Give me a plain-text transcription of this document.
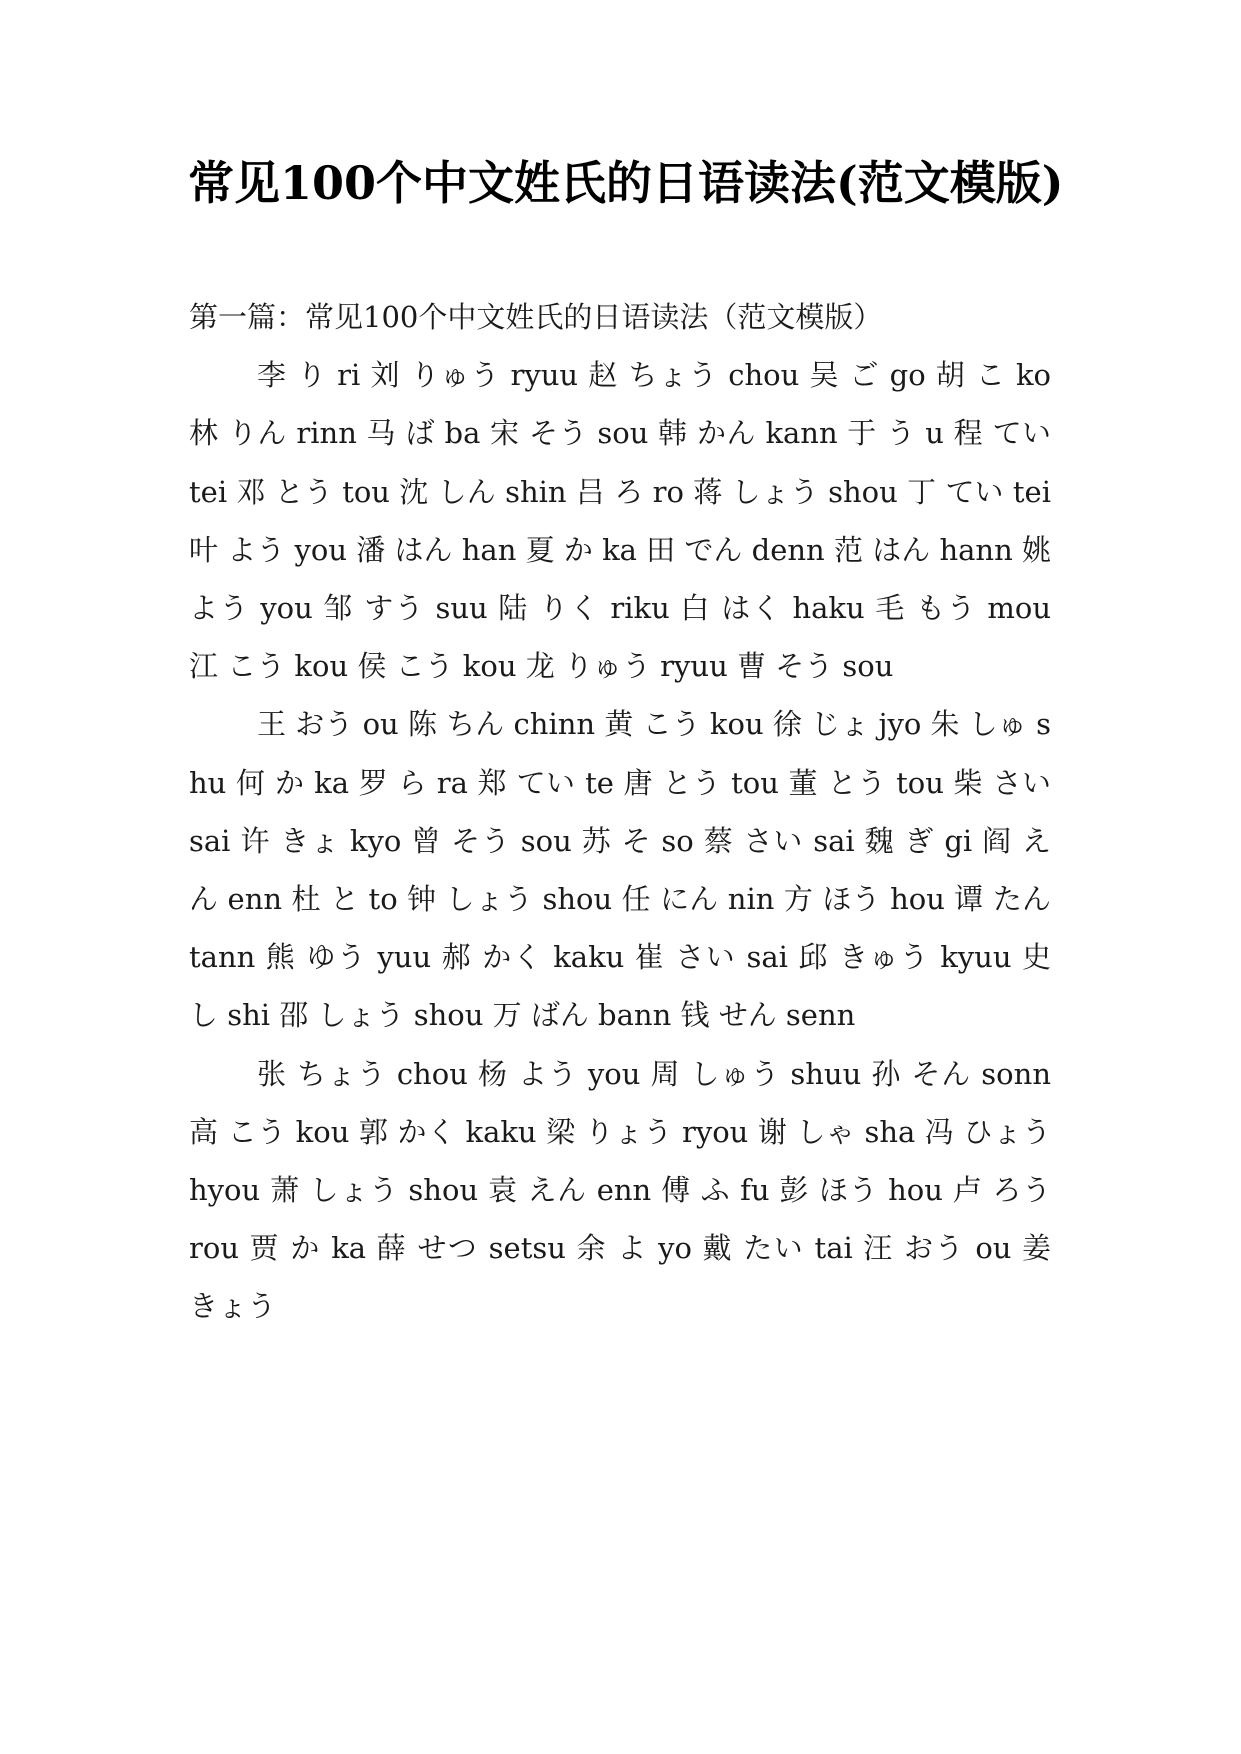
常见100个中文姓氏的日语读法(范文模版)

第一篇：常见100个中文姓氏的日语读法（范文模版）

李 り ri 刘 りゅう ryuu 赵 ちょう chou 吴 ご go 胡 こ ko 林 りん rinn 马 ば ba 宋 そう sou 韩 かん kann 于 う u 程 てい tei 邓 とう tou 沈 しん shin 吕 ろ ro 蒋 しょう shou 丁 てい tei 叶 よう you 潘 はん han 夏 か ka 田 でん denn 范 はん hann 姚 よう you 邹 すう suu 陆 りく riku 白 はく haku 毛 もう mou 江 こう kou 侯 こう kou 龙 りゅう ryuu 曹 そう sou

王 おう ou 陈 ちん chinn 黄 こう kou 徐 じょ jyo 朱 しゅ shu 何 か ka 罗 ら ra 郑 てい te 唐 とう tou 董 とう tou 柴 さい sai 许 きょ kyo 曾 そう sou 苏 そ so 蔡 さい sai 魏 ぎ gi 阎 えん enn 杜 と to 钟 しょう shou 任 にん nin 方 ほう hou 谭 たん tann 熊 ゆう yuu 郝 かく kaku 崔 さい sai 邱 きゅう kyuu 史 し shi 邵 しょう shou 万 ばん bann 钱 せん senn

张 ちょう chou 杨 よう you 周 しゅう shuu 孙 そん sonn 高 こう kou 郭 かく kaku 梁 りょう ryou 谢 しゃ sha 冯 ひょう hyou 萧 しょう shou 袁 えん enn 傅 ふ fu 彭 ほう hou 卢 ろう rou 贾 か ka 薛 せつ setsu 余 よ yo 戴 たい tai 汪 おう ou 姜 きょう
